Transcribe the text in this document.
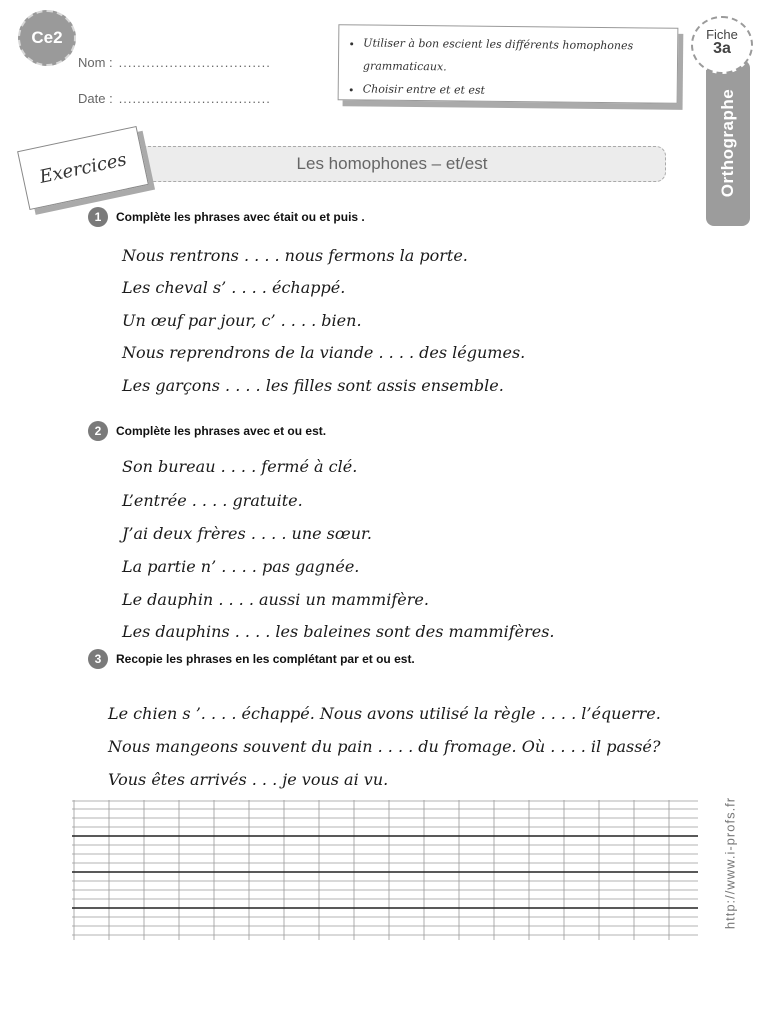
Ce2
Nom : .................................
Date : .................................
• Utiliser à bon escient les différents homophones grammaticaux.
• Choisir entre et et est	Orthographe
Fiche
3a
Les homophones – et/est
Exercices
1	Complète les phrases avec était ou et puis .
Nous rentrons . . . . nous fermons la porte.
Les cheval s’ . . . . échappé.
Un œuf par jour, c’ . . . . bien.
Nous reprendrons de la viande . . . . des légumes.
Les garçons . . . . les filles sont assis ensemble.
2	Complète les phrases avec et ou est.
Son bureau . . . . fermé à clé.
L’entrée . . . . gratuite.
J’ai deux frères . . . . une sœur.
La partie n’ . . . . pas gagnée.
Le dauphin . . . . aussi un mammifère.
Les dauphins . . . . les baleines sont des mammifères.
3	Recopie les phrases en les complétant par et ou est.
Le chien s ’. . . . échappé. Nous avons utilisé la règle . . . . l’équerre.
Nous mangeons souvent du pain . . . . du fromage. Où . . . . il passé?
Vous êtes arrivés . . . je vous ai vu.
http://www.i-profs.fr
